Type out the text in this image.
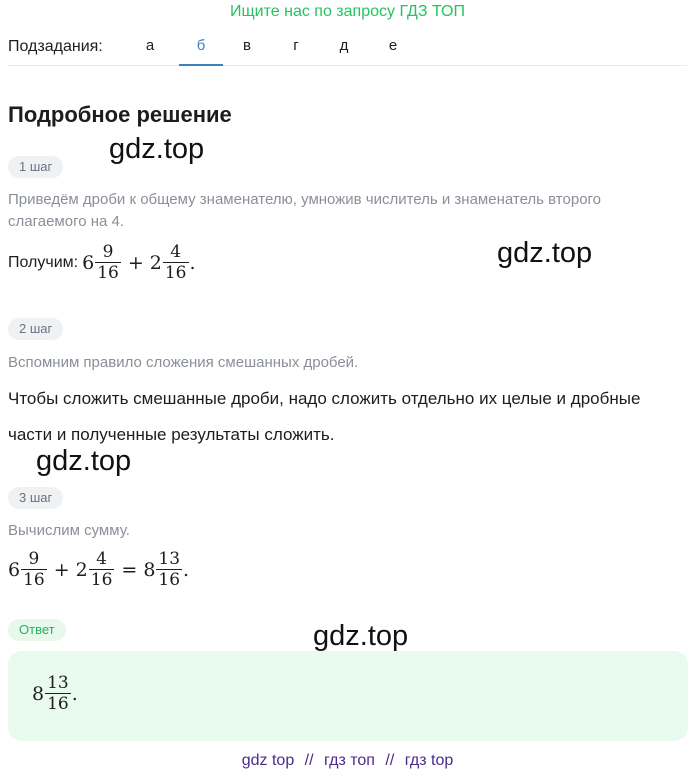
Ищите нас по запросу ГДЗ ТОП
Подзадания:	а	б	в	г	д	е
Подробное решение
1 шаг
Приведём дроби к общему знаменателю, умножив числитель и знаменатель второго слагаемого на 4.
Получим: $6 \frac{9}{16} + 2 \frac{4}{16}$ .
2 шаг
Вспомним правило сложения смешанных дробей.
Чтобы сложить смешанные дроби, надо сложить отдельно их целые и дробные части и полученные результаты сложить.
3 шаг
Вычислим сумму.
$6 \frac{9}{16} + 2 \frac{4}{16} = 8 \frac{13}{16}$ .
Ответ
$8 \frac{13}{16}$ .
gdz.top
gdz.top
gdz.top
gdz.top
gdz top // гдз топ // гдз top
